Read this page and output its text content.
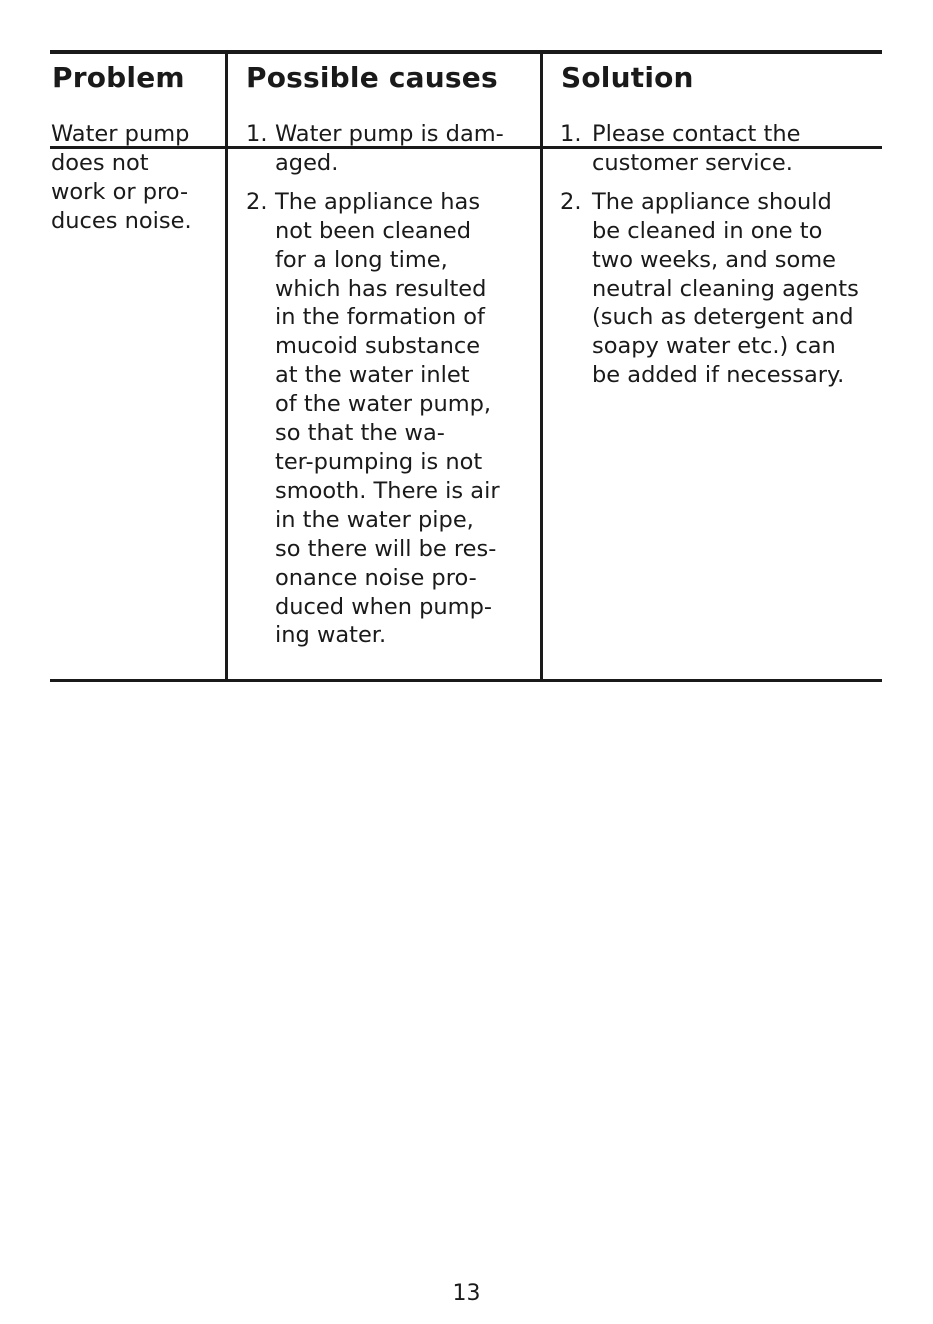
Problem Possible causes Solution
Water pump
does not
work or pro-
duces noise.
1. Water pump is dam-
aged.
2. The appliance has
not been cleaned
for a long time,
which has resulted
in the formation of
mucoid substance
at the water inlet
of the water pump,
so that the wa-
ter-pumping is not
smooth. There is air
in the water pipe,
so there will be res-
onance noise pro-
duced when pump-
ing water.
1. Please contact the
customer service.
2. The appliance should
be cleaned in one to
two weeks, and some
neutral cleaning agents
(such as detergent and
soapy water etc.) can
be added if necessary.
13
